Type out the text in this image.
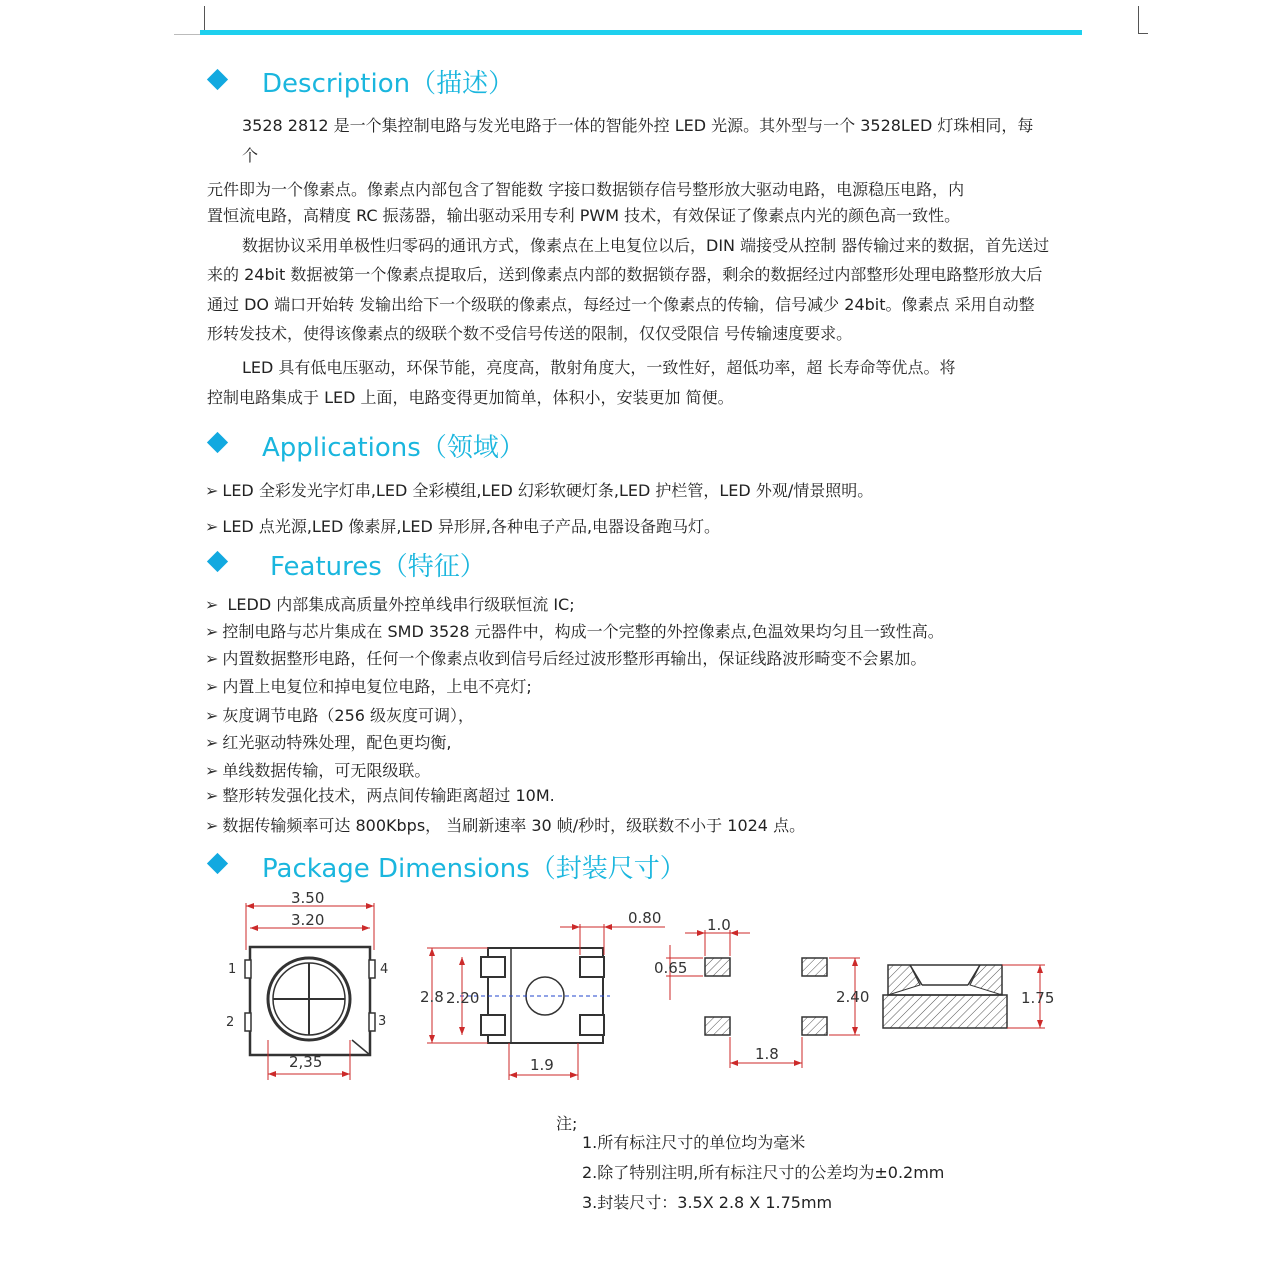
Description（描述）
3528 2812 是一个集控制电路与发光电路于一体的智能外控 LED 光源。其外型与一个 3528LED 灯珠相同，每
个
元件即为一个像素点。像素点内部包含了智能数 字接口数据锁存信号整形放大驱动电路，电源稳压电路，内
置恒流电路，高精度 RC 振荡器，输出驱动采用专利 PWM 技术，有效保证了像素点内光的颜色高一致性。
数据协议采用单极性归零码的通讯方式，像素点在上电复位以后，DIN 端接受从控制 器传输过来的数据，首先送过
来的 24bit 数据被第一个像素点提取后，送到像素点内部的数据锁存器，剩余的数据经过内部整形处理电路整形放大后
通过 DO 端口开始转 发输出给下一个级联的像素点，每经过一个像素点的传输，信号减少 24bit。像素点 采用自动整
形转发技术，使得该像素点的级联个数不受信号传送的限制，仅仅受限信 号传输速度要求。
LED 具有低电压驱动，环保节能，亮度高，散射角度大，一致性好，超低功率，超 长寿命等优点。将
控制电路集成于 LED 上面，电路变得更加简单，体积小，安装更加 简便。
Applications（领域）
➢ LED 全彩发光字灯串,LED 全彩模组,LED 幻彩软硬灯条,LED 护栏管，LED 外观/情景照明。
➢ LED 点光源,LED 像素屏,LED 异形屏,各种电子产品,电器设备跑马灯。
Features（特征）
➢ LEDD 内部集成高质量外控单线串行级联恒流 IC;
➢ 控制电路与芯片集成在 SMD 3528 元器件中，构成一个完整的外控像素点,色温效果均匀且一致性高。
➢ 内置数据整形电路，任何一个像素点收到信号后经过波形整形再输出，保证线路波形畸变不会累加。
➢ 内置上电复位和掉电复位电路，上电不亮灯;
➢ 灰度调节电路（256 级灰度可调），
➢ 红光驱动特殊处理，配色更均衡,
➢ 单线数据传输，可无限级联。
➢ 整形转发强化技术，两点间传输距离超过 10M.
➢ 数据传输频率可达 800Kbps， 当刷新速率 30 帧/秒时，级联数不小于 1024 点。
Package Dimensions（封装尺寸）
3.50
3.20
2,35
1
2	3
4
2.8 2.20
1.9
0.80	1.0
0.65
2.40
1.8
1.75
注;
1.所有标注尺寸的单位均为毫米
2.除了特别注明,所有标注尺寸的公差均为±0.2mm
3.封装尺寸：3.5X 2.8 X 1.75mm
